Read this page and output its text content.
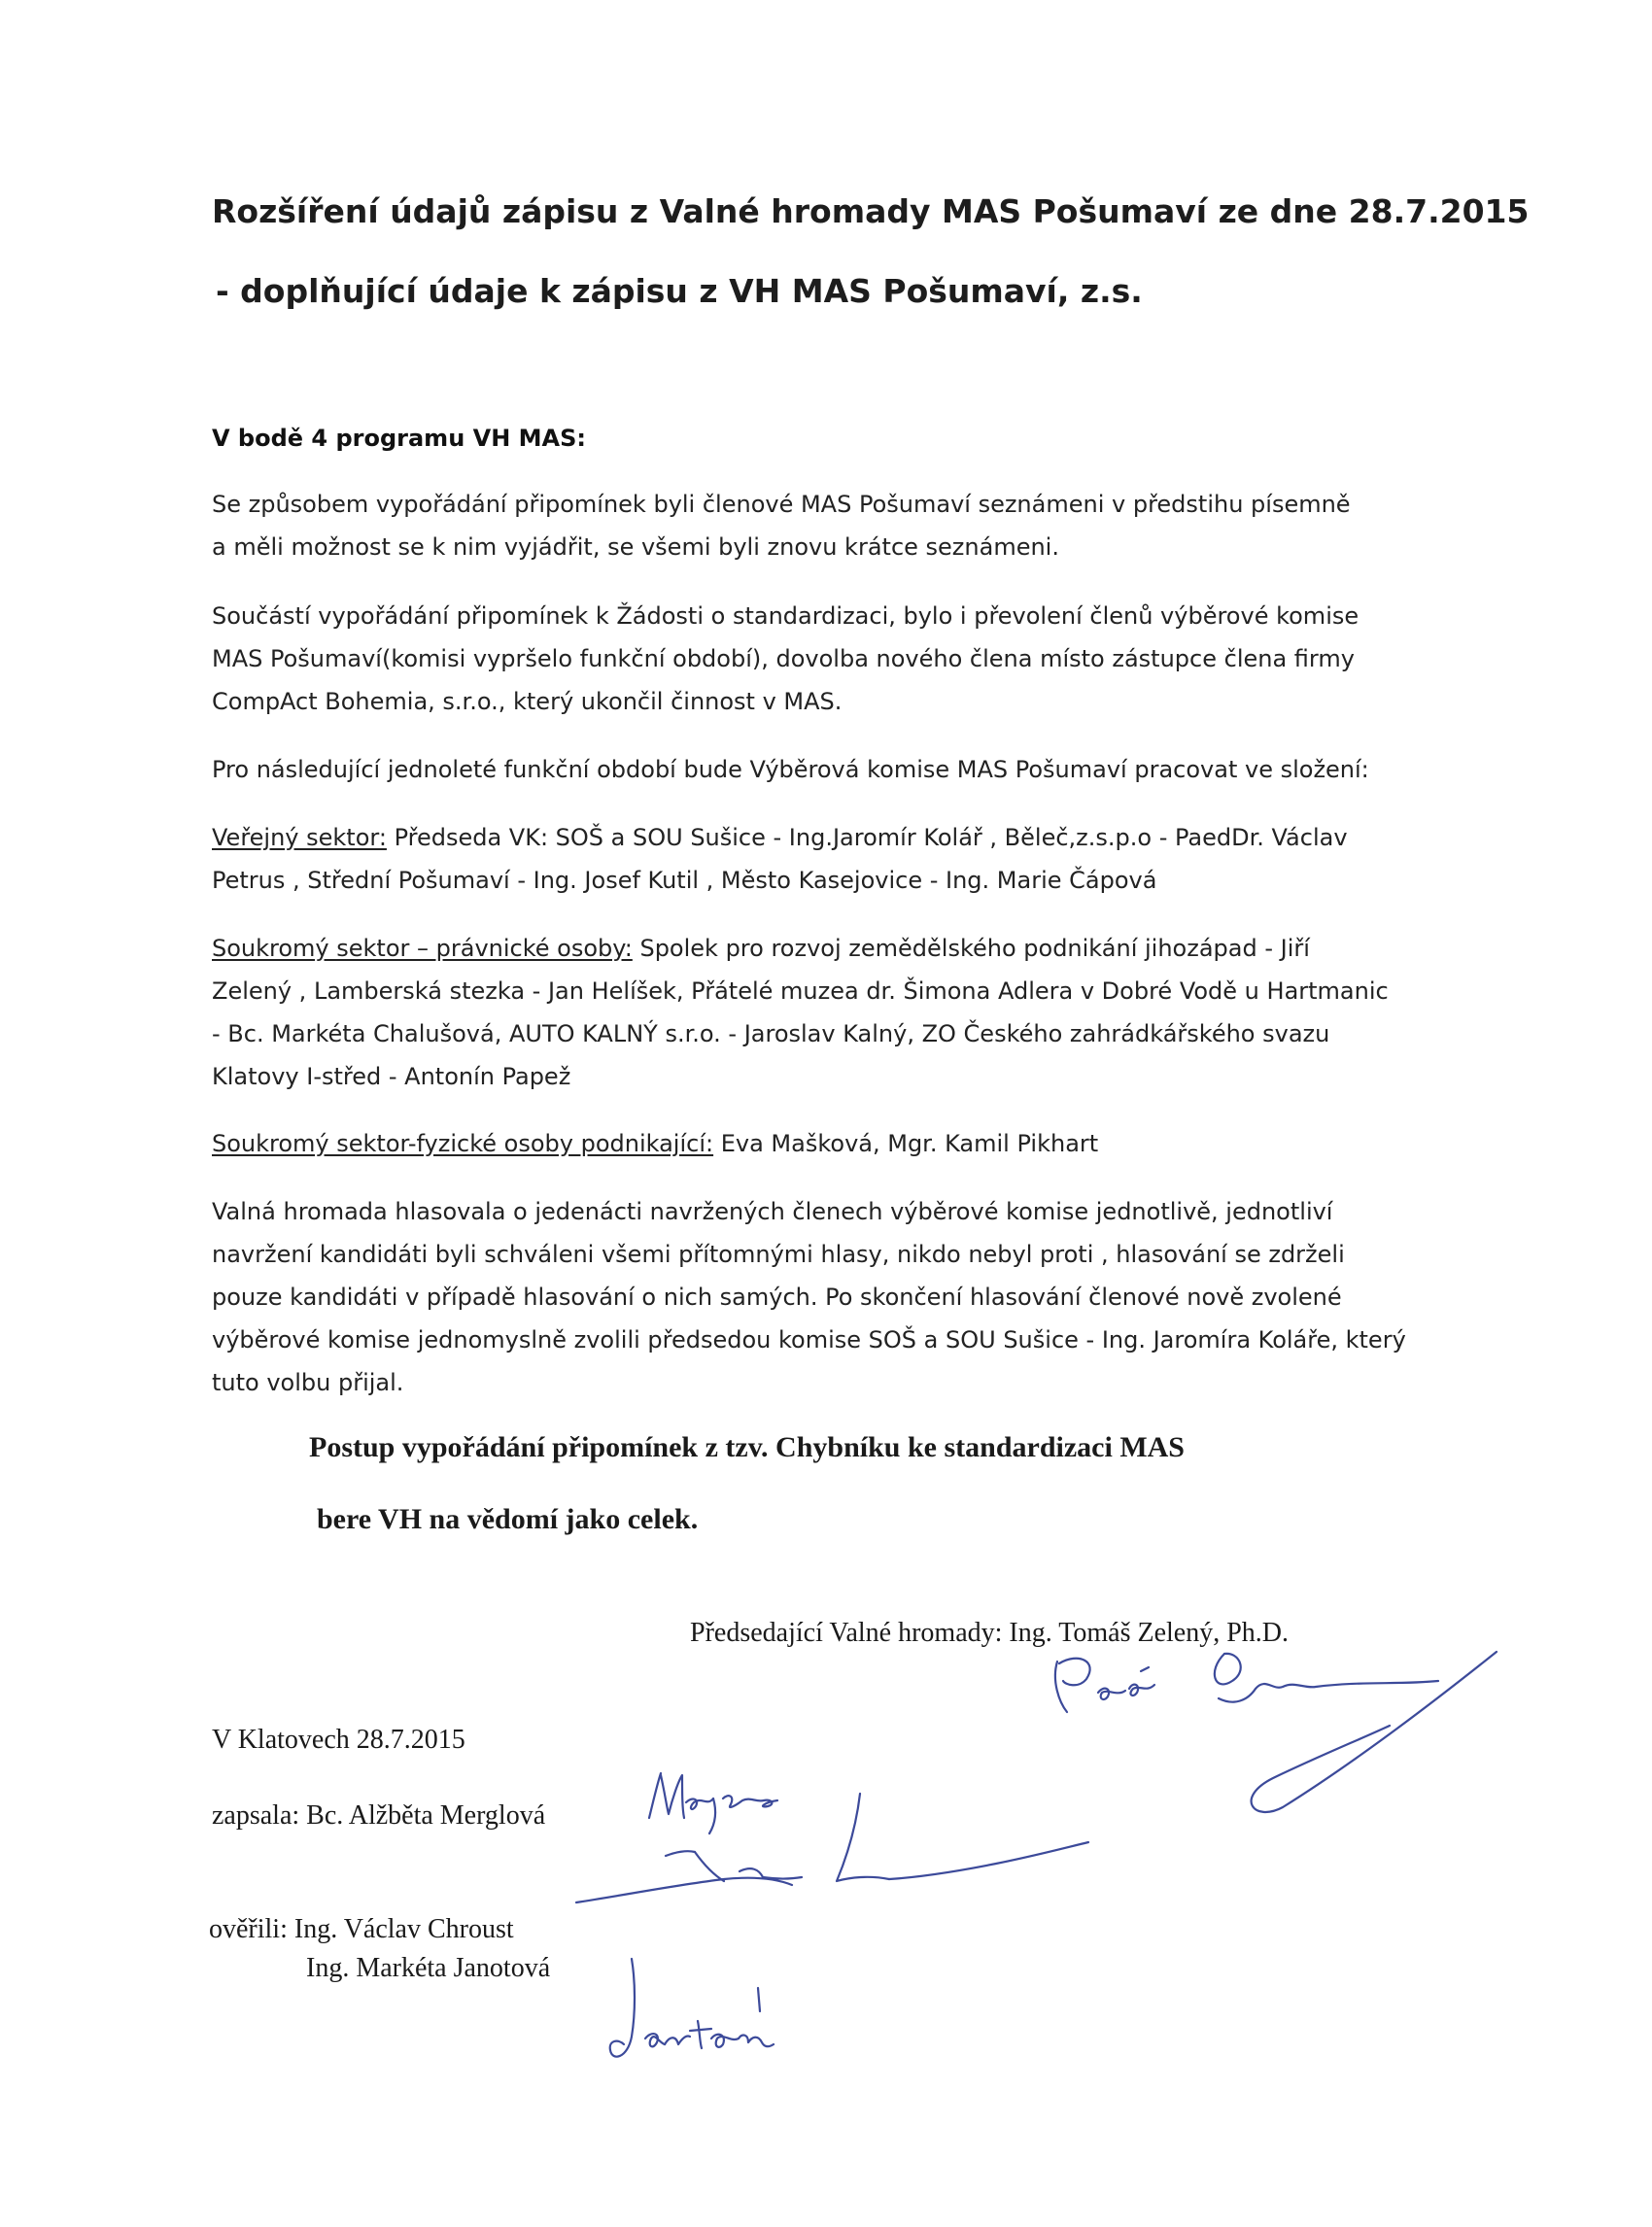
Rozšíření údajů zápisu z Valné hromady MAS Pošumaví ze dne 28.7.2015
- doplňující údaje k zápisu z VH MAS Pošumaví, z.s.
V bodě 4 programu VH MAS:
Se způsobem vypořádání připomínek byli členové MAS Pošumaví seznámeni v předstihu písemně
a měli možnost se k nim vyjádřit, se všemi byli znovu krátce seznámeni.
Součástí vypořádání připomínek k Žádosti o standardizaci, bylo i převolení členů výběrové komise
MAS Pošumaví(komisi vypršelo funkční období), dovolba nového člena místo zástupce člena firmy
CompAct Bohemia, s.r.o., který ukončil činnost v MAS.
Pro následující jednoleté funkční období bude Výběrová komise MAS Pošumaví pracovat ve složení:
Veřejný sektor: Předseda VK: SOŠ a SOU Sušice - Ing.Jaromír Kolář , Běleč,z.s.p.o - PaedDr. Václav
Petrus , Střední Pošumaví - Ing. Josef Kutil , Město Kasejovice - Ing. Marie Čápová
Soukromý sektor – právnické osoby: Spolek pro rozvoj zemědělského podnikání jihozápad - Jiří
Zelený , Lamberská stezka - Jan Helíšek, Přátelé muzea dr. Šimona Adlera v Dobré Vodě u Hartmanic
- Bc. Markéta Chalušová, AUTO KALNÝ s.r.o. - Jaroslav Kalný, ZO Českého zahrádkářského svazu
Klatovy I-střed - Antonín Papež
Soukromý sektor-fyzické osoby podnikající: Eva Mašková, Mgr. Kamil Pikhart
Valná hromada hlasovala o jedenácti navržených členech výběrové komise jednotlivě, jednotliví
navržení kandidáti byli schváleni všemi přítomnými hlasy, nikdo nebyl proti , hlasování se zdrželi
pouze kandidáti v případě hlasování o nich samých. Po skončení hlasování členové nově zvolené
výběrové komise jednomyslně zvolili předsedou komise SOŠ a SOU Sušice - Ing. Jaromíra Koláře, který
tuto volbu přijal.
Postup vypořádání připomínek z tzv. Chybníku ke standardizaci MAS
bere VH na vědomí jako celek.
Předsedající Valné hromady: Ing. Tomáš Zelený, Ph.D.
V Klatovech 28.7.2015
zapsala: Bc. Alžběta Merglová
ověřili: Ing. Václav Chroust
Ing. Markéta Janotová
